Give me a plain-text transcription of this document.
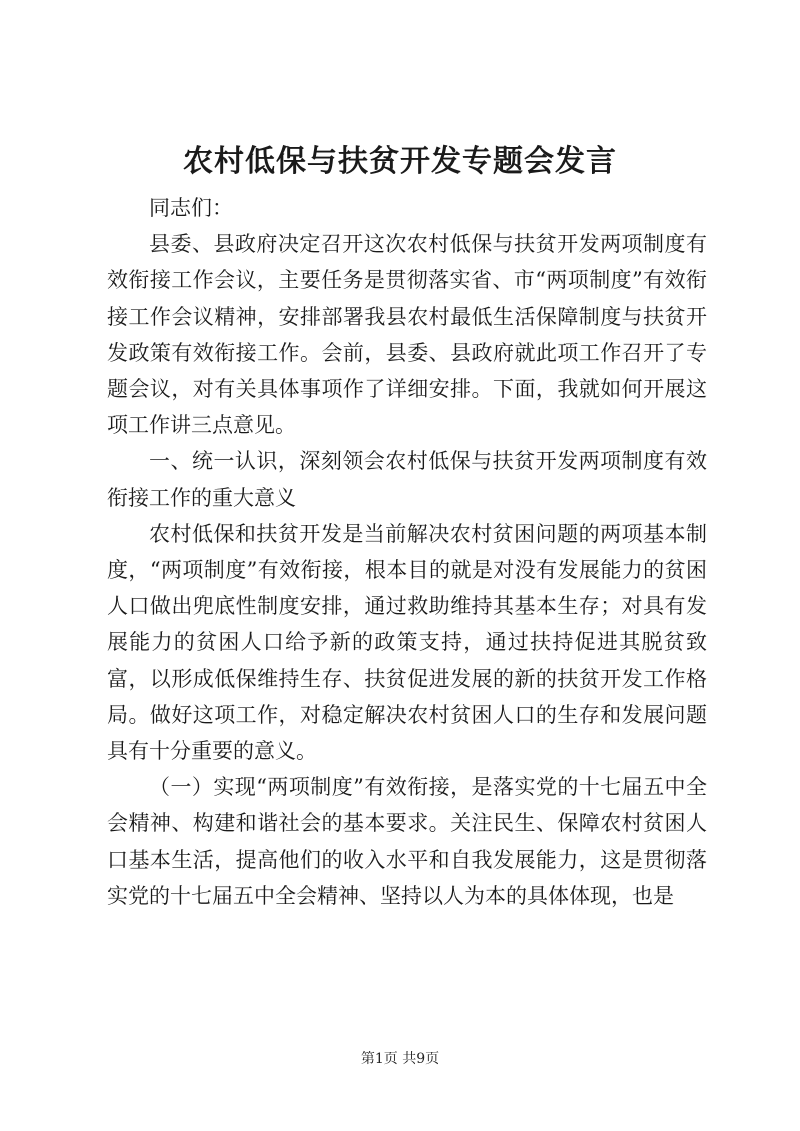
农村低保与扶贫开发专题会发言

同志们：

县委、县政府决定召开这次农村低保与扶贫开发两项制度有效衔接工作会议，主要任务是贯彻落实省、市“两项制度”有效衔接工作会议精神，安排部署我县农村最低生活保障制度与扶贫开发政策有效衔接工作。会前，县委、县政府就此项工作召开了专题会议，对有关具体事项作了详细安排。下面，我就如何开展这项工作讲三点意见。

一、统一认识，深刻领会农村低保与扶贫开发两项制度有效衔接工作的重大意义

农村低保和扶贫开发是当前解决农村贫困问题的两项基本制度，“两项制度”有效衔接，根本目的就是对没有发展能力的贫困人口做出兜底性制度安排，通过救助维持其基本生存；对具有发展能力的贫困人口给予新的政策支持，通过扶持促进其脱贫致富，以形成低保维持生存、扶贫促进发展的新的扶贫开发工作格局。做好这项工作，对稳定解决农村贫困人口的生存和发展问题具有十分重要的意义。

（一）实现“两项制度”有效衔接，是落实党的十七届五中全会精神、构建和谐社会的基本要求。关注民生、保障农村贫困人口基本生活，提高他们的收入水平和自我发展能力，这是贯彻落实党的十七届五中全会精神、坚持以人为本的具体体现，也是

第1页 共9页
